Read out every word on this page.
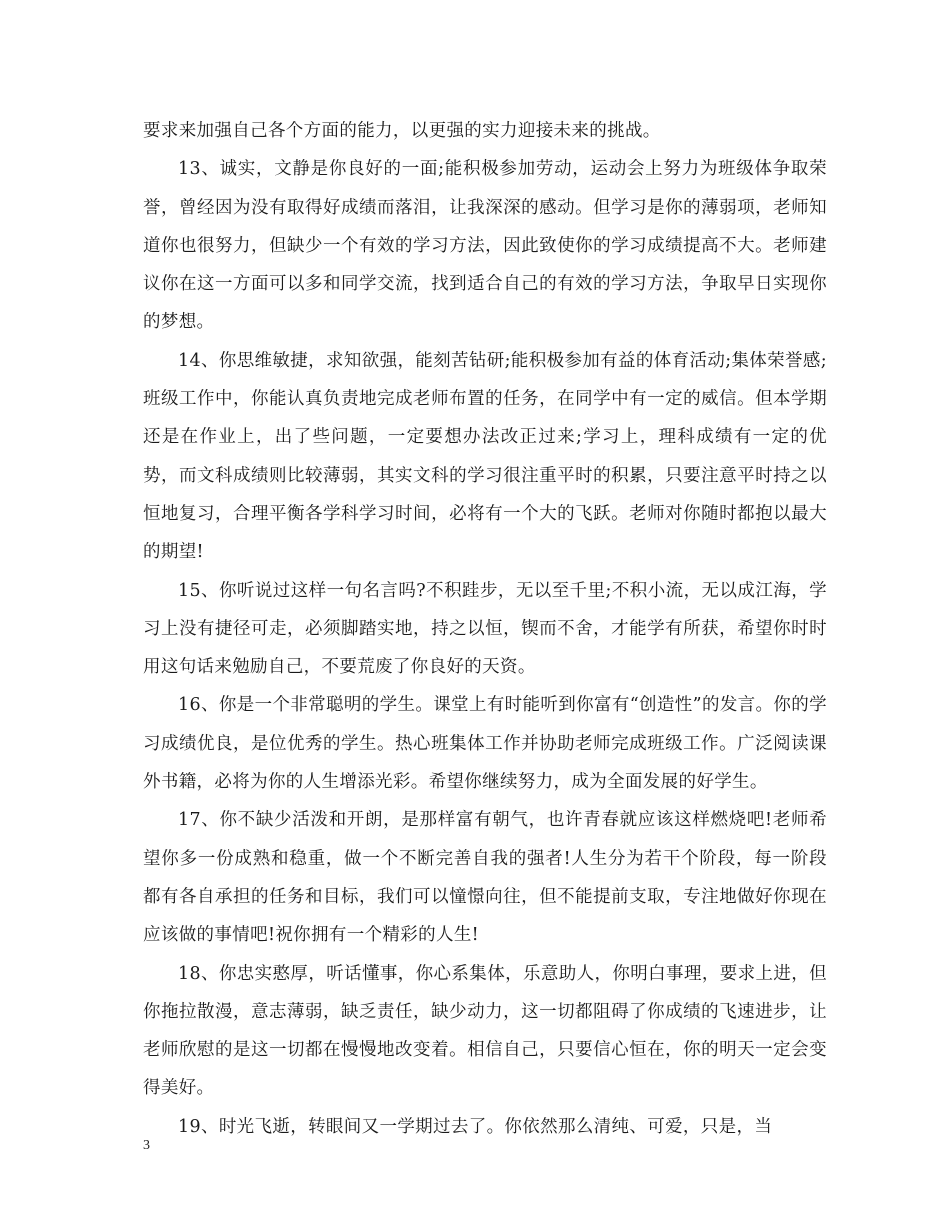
要求来加强自己各个方面的能力，以更强的实力迎接未来的挑战。

13、诚实，文静是你良好的一面;能积极参加劳动，运动会上努力为班级体争取荣誉，曾经因为没有取得好成绩而落泪，让我深深的感动。但学习是你的薄弱项，老师知道你也很努力，但缺少一个有效的学习方法，因此致使你的学习成绩提高不大。老师建议你在这一方面可以多和同学交流，找到适合自己的有效的学习方法，争取早日实现你的梦想。

14、你思维敏捷，求知欲强，能刻苦钻研;能积极参加有益的体育活动;集体荣誉感;班级工作中，你能认真负责地完成老师布置的任务，在同学中有一定的威信。但本学期还是在作业上，出了些问题，一定要想办法改正过来;学习上，理科成绩有一定的优势，而文科成绩则比较薄弱，其实文科的学习很注重平时的积累，只要注意平时持之以恒地复习，合理平衡各学科学习时间，必将有一个大的飞跃。老师对你随时都抱以最大的期望!

15、你听说过这样一句名言吗?不积跬步，无以至千里;不积小流，无以成江海，学习上没有捷径可走，必须脚踏实地，持之以恒，锲而不舍，才能学有所获，希望你时时用这句话来勉励自己，不要荒废了你良好的天资。

16、你是一个非常聪明的学生。课堂上有时能听到你富有“创造性”的发言。你的学习成绩优良，是位优秀的学生。热心班集体工作并协助老师完成班级工作。广泛阅读课外书籍，必将为你的人生增添光彩。希望你继续努力，成为全面发展的好学生。

17、你不缺少活泼和开朗，是那样富有朝气，也许青春就应该这样燃烧吧!老师希望你多一份成熟和稳重，做一个不断完善自我的强者!人生分为若干个阶段，每一阶段都有各自承担的任务和目标，我们可以憧憬向往，但不能提前支取，专注地做好你现在应该做的事情吧!祝你拥有一个精彩的人生!

18、你忠实憨厚，听话懂事，你心系集体，乐意助人，你明白事理，要求上进，但你拖拉散漫，意志薄弱，缺乏责任，缺少动力，这一切都阻碍了你成绩的飞速进步，让老师欣慰的是这一切都在慢慢地改变着。相信自己，只要信心恒在，你的明天一定会变得美好。

19、时光飞逝，转眼间又一学期过去了。你依然那么清纯、可爱，只是，当

3
